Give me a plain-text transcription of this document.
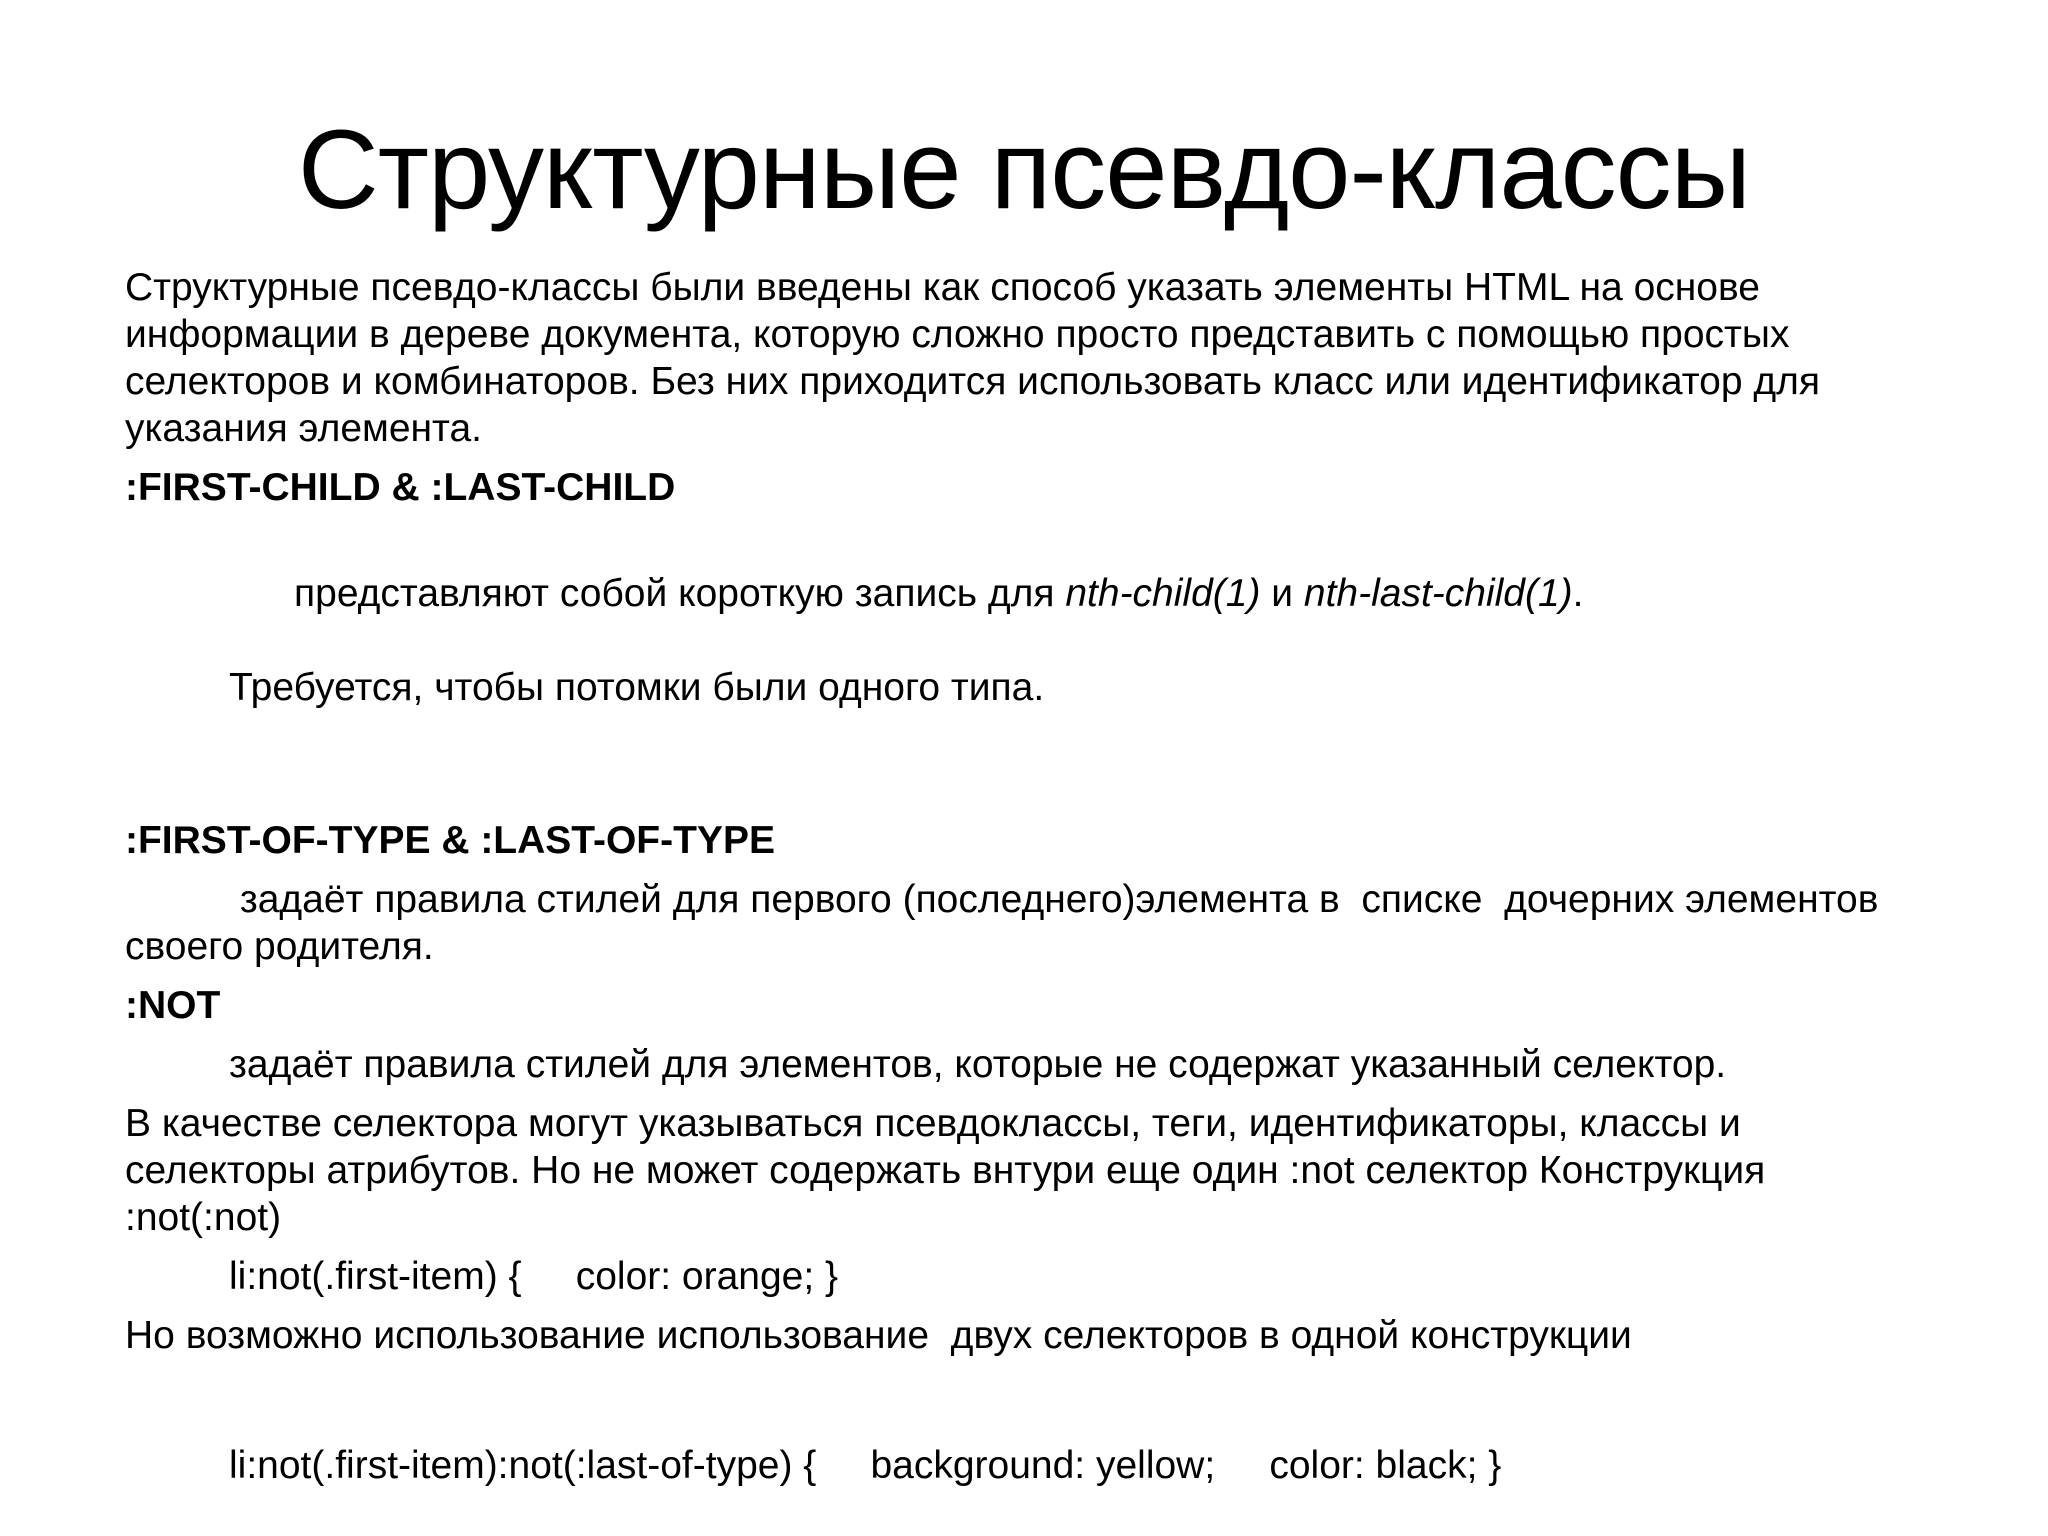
Структурные псевдо-классы

Структурные псевдо-классы были введены как способ указать элементы HTML на основе информации в дереве документа, которую сложно просто представить с помощью простых селекторов и комбинаторов. Без них приходится использовать класс или идентификатор для указания элемента.

:FIRST-CHILD & :LAST-CHILD

представляют собой короткую запись для nth-child(1) и nth-last-child(1).

Требуется, чтобы потомки были одного типа.

:FIRST-OF-TYPE & :LAST-OF-TYPE

задаёт правила стилей для первого (последнего)элемента в  списке  дочерних элементов своего родителя.

:NOT

задаёт правила стилей для элементов, которые не содержат указанный селектор.

В качестве селектора могут указываться псевдоклассы, теги, идентификаторы, классы и селекторы атрибутов. Но не может содержать внтури еще один :not селектор Конструкция :not(:not)

li:not(.first-item) {     color: orange; }

Но возможно использование использование  двух селекторов в одной конструкции

li:not(.first-item):not(:last-of-type) {     background: yellow;     color: black; }
